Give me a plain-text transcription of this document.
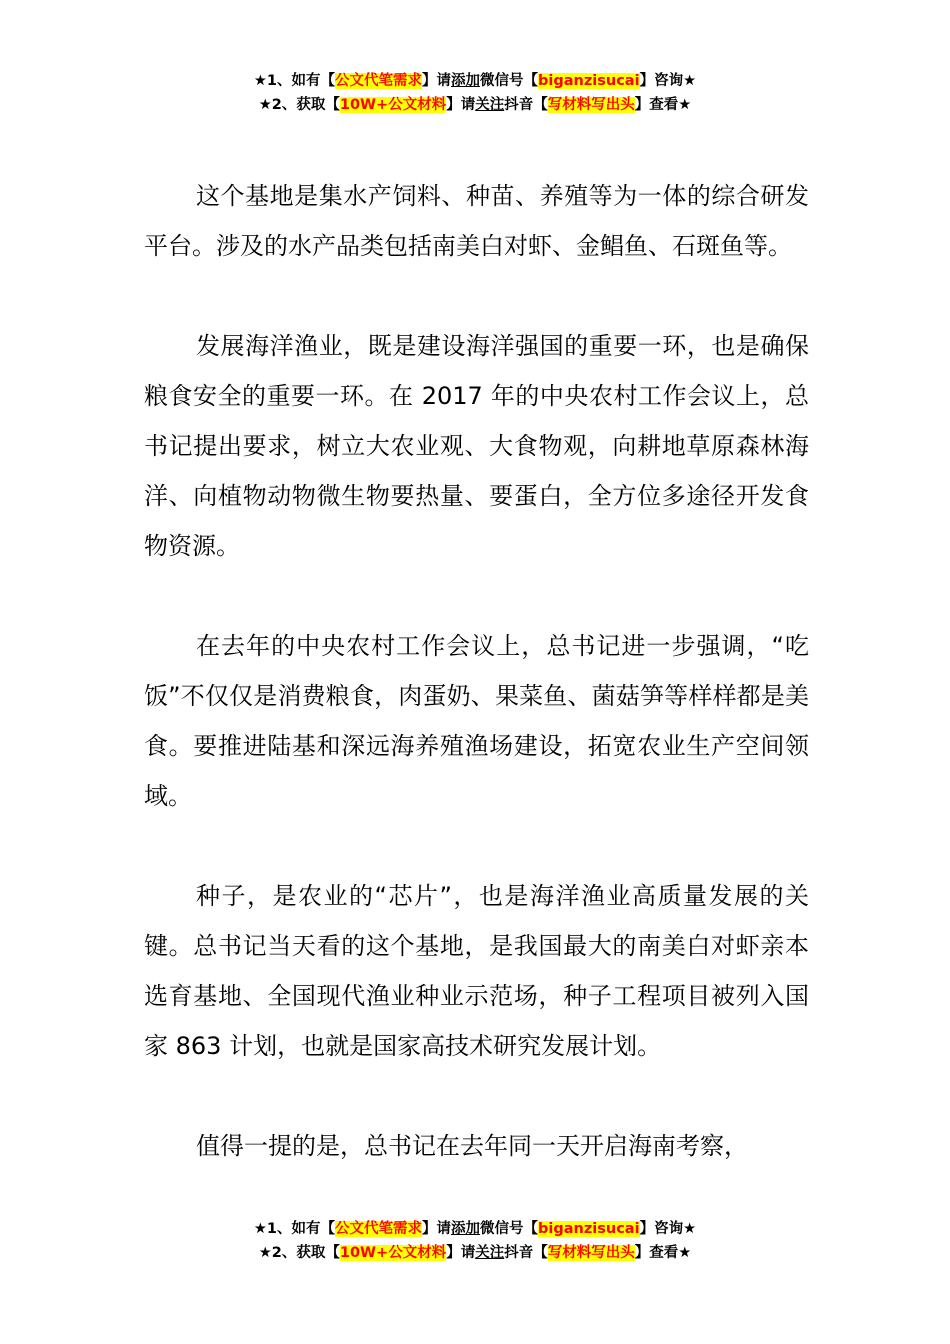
★1、如有【公文代笔需求】请添加微信号【biganzisucai】咨询★
★2、获取【10W+公文材料】请关注抖音【写材料写出头】查看★

这个基地是集水产饲料、种苗、养殖等为一体的综合研发平台。涉及的水产品类包括南美白对虾、金鲳鱼、石斑鱼等。

发展海洋渔业，既是建设海洋强国的重要一环，也是确保粮食安全的重要一环。在 2017 年的中央农村工作会议上，总书记提出要求，树立大农业观、大食物观，向耕地草原森林海洋、向植物动物微生物要热量、要蛋白，全方位多途径开发食物资源。

在去年的中央农村工作会议上，总书记进一步强调，“吃饭”不仅仅是消费粮食，肉蛋奶、果菜鱼、菌菇笋等样样都是美食。要推进陆基和深远海养殖渔场建设，拓宽农业生产空间领域。

种子，是农业的“芯片”，也是海洋渔业高质量发展的关键。总书记当天看的这个基地，是我国最大的南美白对虾亲本选育基地、全国现代渔业种业示范场，种子工程项目被列入国家 863 计划，也就是国家高技术研究发展计划。

值得一提的是，总书记在去年同一天开启海南考察，

★1、如有【公文代笔需求】请添加微信号【biganzisucai】咨询★
★2、获取【10W+公文材料】请关注抖音【写材料写出头】查看★
